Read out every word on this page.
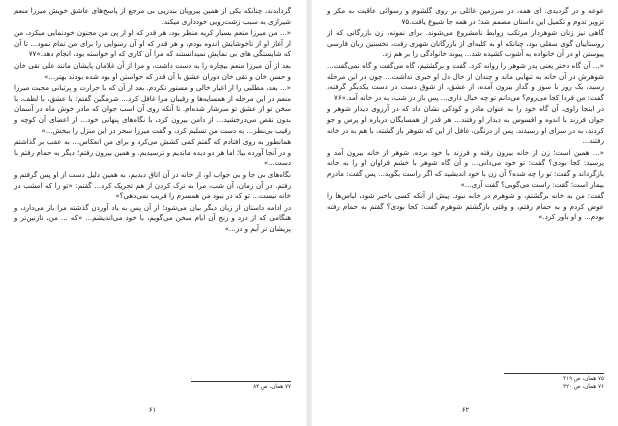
گرداندند، چنانکه یکی از همین پیرویان بندرپی بی مرجع از پاسخ‌های عاشق خویش میرزا منعم شیرازی به سبب زشت‌رویی خودداری میکند.

«... من میرزا منعم بسیار کریه منظر بود، هر قدر که او از پی من مجنون خودنمایی میکرد، من از آغاز او از ناخوشایش اندوه بودم، و هر قدر که او آن رسوایی را برای من تمام نمود... تا آن که شایستگی های بی نمایش نمیدانستند که مرا آن کاری که او خواسته بود، انجام دهد.»۷۷

بعد از آن میرزا منعم بیچاره را به دست داشت، و مرا از آن غلامان پایشان مانند علی نقی خان و حسن خان و تقی خان دوران عشق با آن قدر که خواستن او بود شده بودند بهتر...»

«... بعد، مطلبی را از اغیار خالی و مستور نکردم. بعد از آن که با حرارت و پرتبانی محبت میرزا منعم در این مرحله از همسایه‌ها و رقیبان مرا غافل کرد... شرمگین گفتم: با عشق، با لطف، با سخن تو از عشق تو سرشار شده‌ام. تا آنکه روی آن اسب جوان که مادر خوش ماه در آسمان بدون نقص می‌درخشید... از دامن بیرون کرد، با نگاه‌های پنهانی خود... از اعضای آن کوچه و رقیب بی‌نظر... به دست من تسلیم کرد، و گفت میرزا سحر در این منزل را ببخش...»

همانطور به روی افتادم که گفتم کمی کشش می‌کرد و برای من انعکاس... به عقب بر گذاشتم و در آنجا آورده بیا؛ اما هر دو دیده ماندیم و ترسیدیم. و همین بیرون رفتم؛ دیگر به حمام رفتم با دست...»

نگاه‌های بی جا و بی جواب او، از خانه در آن اتاق دیدیم، به همین دلیل دست از او پس گرفتم و رفتم. در آن زمان، آن شب، مرا به ترک کردن از هم تحریک کرد... گفتم: «تو را که امشب در خانه نیست... تو که در نبود من همسرم را فریب نمی‌دهی؟»

در ادامه داستان از زبان دیگر بیان می‌شود؛ از آن پس به یاد آوردن گذشته مرا باز می‌دارد، و هنگامی که از درد و رنج آن ایام سخن می‌گویم، با خود می‌اندیشم... «که ... من، نازنین‌تر و پریشان تر آیم و در...»

۷۷ همان، ص ۸۴

۶۱

عوعه و در گردیدی. ای همه، در سرزمین غائلی بر روی گلشوم و رسوائی عاقبت به مکر و تزویر تدوم و تکمیل این داستان مصمم شد؛ در همه جا شیوع یافت.۷۵

گاهی نیز زنان شوهردار مرتکب روابط نامشروع می‌شوند. برای نمونه، زن بازرگانی که از روستاییان گوی سفلی بود، چنانکه او به کلبه‌ای از بازرگانان شهری رفت، نخستین زبان فارسی پیوستن او در آن خانواده به آشوب کشیده شد... پیوند خانوادگی را بر هم زد.

«... آن گاه دختر یعنی پدر شوهر را روانه کرد. گفت و برگشتیم، گاه می‌گفت و گاه نمی‌گفت... شوهرش در آن خانه به تنهایی ماند و چندان از حال دل او خبری نداشت... چون در این مرحله رسید، یک روز با سوز و گداز بیرون آمده، از عشق، از شوق دست در دست یکدیگر گرفته، گفت: من فردا کجا می‌روم؟ می‌دانم تو چه خیال داری... پس باز در شب، به در خانه آمد.»۷۶

در اینجا راوی، آن گاه خود را به عنوان مادر و کودکی نشان داد که در آرزوی دیدار شوهر و جوان فرزند با اندوه و افسوس به دیدار او رفتند... هر قدر از همسایگان درباره او پرس و جو کردند، به در سرای او رسیدند. پس از درنگی، غافل از این که شوهر باز گشته، با هم به در خانه رفتند...

«... همین است؛ زن از خانه بیرون رفته و فرزند با خود برده. شوهر از خانه بیرون آمد و پرسید: کجا بودی؟ گفت: تو خود می‌دانی... و آن گاه شوهر با خشم فراوان او را به خانه بازگرداند و گفت: تو را چه شده؟ آن زن با خود اندیشید که اگر راست بگوید... پس گفت: مادرم بیمار است؛ گفت: راست می‌گویی؟ گفت آری...»

گفت: من به خانه برگشتم، و شوهرم در خانه نبود. پیش از آنکه کسی باخبر شود، لباس‌ها را عوض کردم و به حمام رفتم، و وقتی بازگشتم شوهرم گفت: کجا بودی؟ گفتم به حمام رفته بودم... و او باور کرد.»

۷۵ همان، ص ۳۱۹

۷۶ همان، ص ۳۲۰

۶۲
